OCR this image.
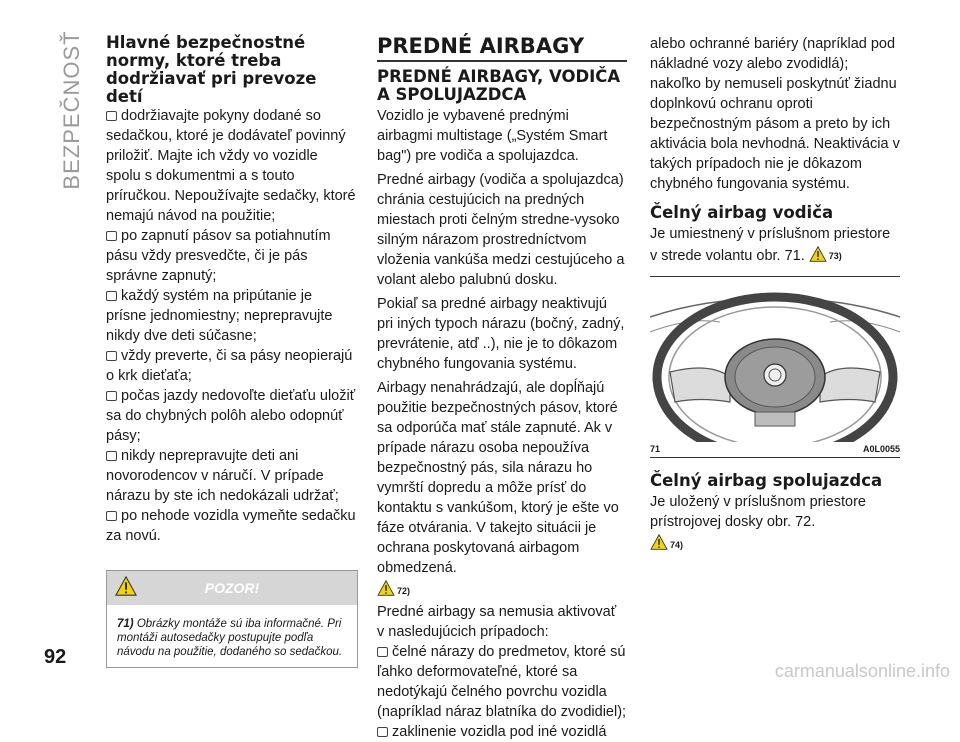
BEZPEČNOSŤ Hlavné bezpečnostné normy, ktoré treba dodržiavať pri prevoze detí

dodržiavajte pokyny dodané so sedačkou, ktoré je dodávateľ povinný priložiť. Majte ich vždy vo vozidle spolu s dokumentmi a s touto príručkou. Nepoužívajte sedačky, ktoré nemajú návod na použitie;

po zapnutí pásov sa potiahnutím pásu vždy presvedčte, či je pás správne zapnutý;

každý systém na pripútanie je prísne jednomiestny; neprepravujte nikdy dve deti súčasne;

vždy preverte, či sa pásy neopierajú o krk dieťaťa;

počas jazdy nedovoľte dieťaťu uložiť sa do chybných polôh alebo odopnúť pásy;

nikdy neprepravujte deti ani novorodencov v náručí. V prípade nárazu by ste ich nedokázali udržať;

po nehode vozidla vymeňte sedačku za novú.

POZOR!
71) Obrázky montáže sú iba informačné. Pri montáži autosedačky postupujte podľa návodu na použitie, dodaného so sedačkou.
PREDNÉ AIRBAGY
PREDNÉ AIRBAGY, VODIČA A SPOLUJAZDCA

Vozidlo je vybavené prednými airbagmi multistage („Systém Smart bag") pre vodiča a spolujazdca.

Predné airbagy (vodiča a spolujazdca) chránia cestujúcich na predných miestach proti čelným stredne-vysoko silným nárazom prostredníctvom vloženia vankúša medzi cestujúceho a volant alebo palubnú dosku.

Pokiaľ sa predné airbagy neaktivujú pri iných typoch nárazu (bočný, zadný, prevrátenie, atď ..), nie je to dôkazom chybného fungovania systému.

Airbagy nenahrádzajú, ale dopĺňajú použitie bezpečnostných pásov, ktoré sa odporúča mať stále zapnuté. Ak v prípade nárazu osoba nepoužíva bezpečnostný pás, sila nárazu ho vymrští dopredu a môže prísť do kontaktu s vankúšom, ktorý je ešte vo fáze otvárania. V takejto situácii je ochrana poskytovaná airbagom obmedzená.

72)

Predné airbagy sa nemusia aktivovať v nasledujúcich prípadoch:

čelné nárazy do predmetov, ktoré sú ľahko deformovateľné, ktoré sa nedotýkajú čelného povrchu vozidla (napríklad náraz blatníka do zvodidiel);

zaklinenie vozidla pod iné vozidlá

alebo ochranné bariéry (napríklad pod nákladné vozy alebo zvodidlá); nakoľko by nemuseli poskytnúť žiadnu doplnkovú ochranu oproti bezpečnostným pásom a preto by ich aktivácia bola nevhodná. Neaktivácia v takých prípadoch nie je dôkazom chybného fungovania systému.

Čelný airbag vodiča

Je umiestnený v príslušnom priestore v strede volantu obr. 71.	73)

71	A0L0055
Čelný airbag spolujazdca

Je uložený v príslušnom priestore prístrojovej dosky obr. 72.

74)
92
carmanualsonline.info
